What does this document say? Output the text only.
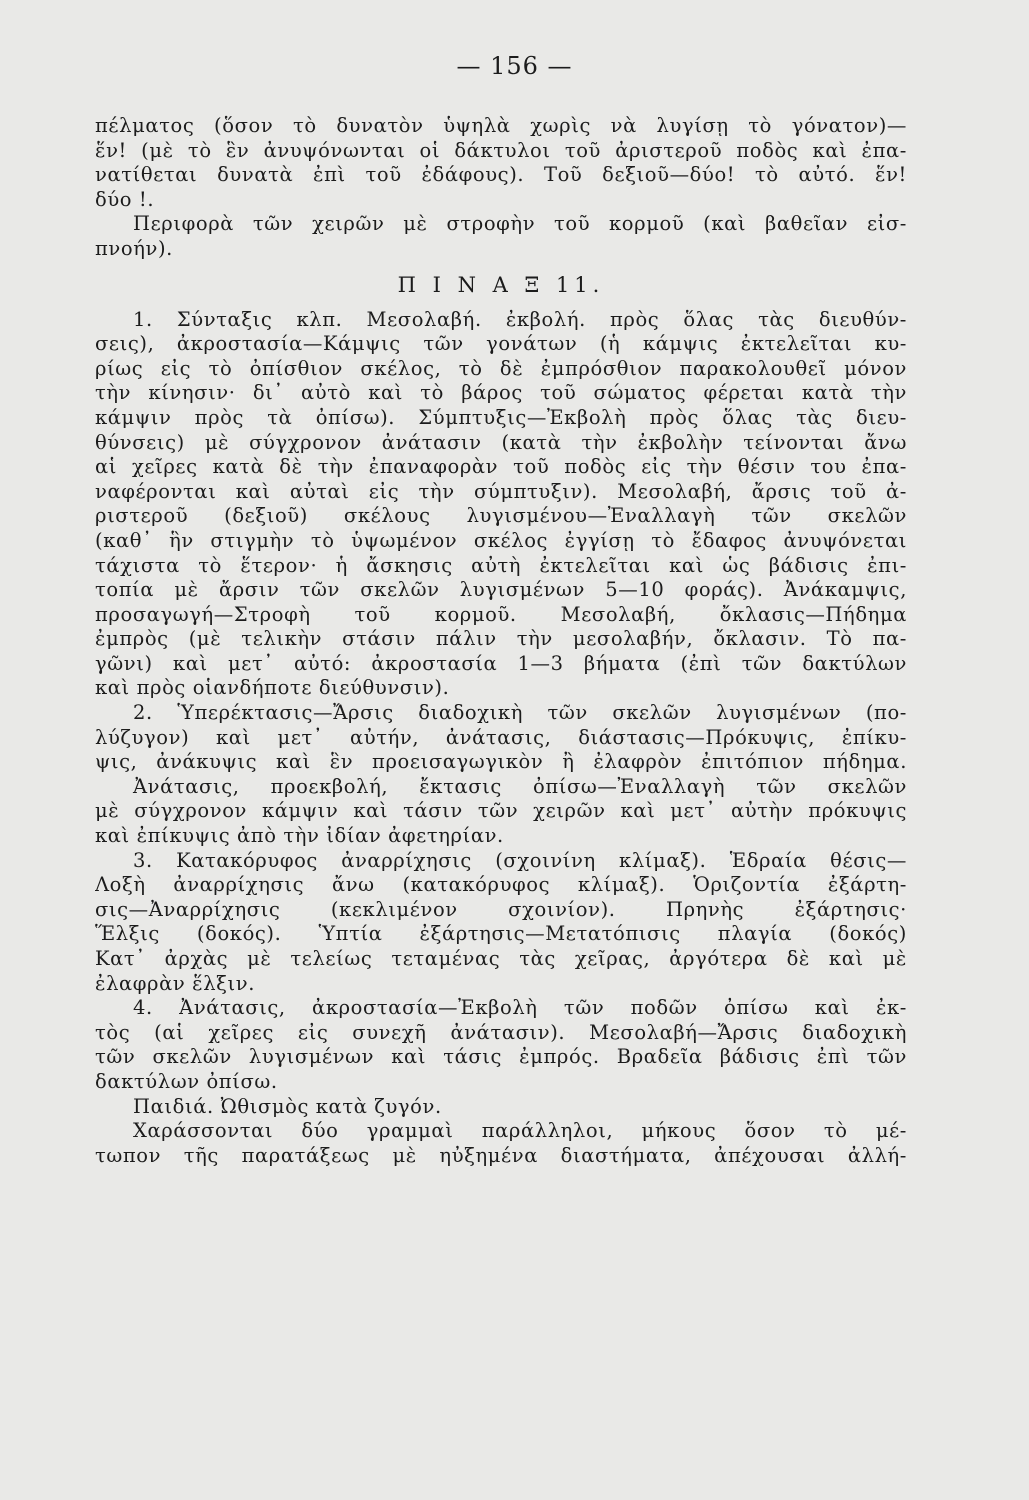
— 156 —
πέλματος (ὅσον τὸ δυνατὸν ὑψηλὰ χωρὶς νὰ λυγίσῃ τὸ γόνατον)—
ἕν! (μὲ τὸ ἓν ἀνυψόνωνται οἱ δάκτυλοι τοῦ ἀριστεροῦ ποδὸς καὶ ἐπα-
νατίθεται δυνατὰ ἐπὶ τοῦ ἐδάφους). Τοῦ δεξιοῦ—δύο! τὸ αὐτό. ἕν!
δύο !.
Περιφορὰ τῶν χειρῶν μὲ στροφὴν τοῦ κορμοῦ (καὶ βαθεῖαν εἰσ-
πνοήν).
Π Ι Ν Α Ξ 11.
1. Σύνταξις κλπ. Μεσολαβή. ἐκβολή. πρὸς ὅλας τὰς διευθύν-
σεις), ἀκροστασία—Κάμψις τῶν γονάτων (ἡ κάμψις ἐκτελεῖται κυ-
ρίως εἰς τὸ ὀπίσθιον σκέλος, τὸ δὲ ἐμπρόσθιον παρακολουθεῖ μόνον
τὴν κίνησιν· δι᾽ αὐτὸ καὶ τὸ βάρος τοῦ σώματος φέρεται κατὰ τὴν
κάμψιν πρὸς τὰ ὀπίσω). Σύμπτυξις—Ἐκβολὴ πρὸς ὅλας τὰς διευ-
θύνσεις) μὲ σύγχρονον ἀνάτασιν (κατὰ τὴν ἐκβολὴν τείνονται ἄνω
αἱ χεῖρες κατὰ δὲ τὴν ἐπαναφορὰν τοῦ ποδὸς εἰς τὴν θέσιν του ἐπα-
ναφέρονται καὶ αὐταὶ εἰς τὴν σύμπτυξιν). Μεσολαβή, ἄρσις τοῦ ἀ-
ριστεροῦ (δεξιοῦ) σκέλους λυγισμένου—Ἐναλλαγὴ τῶν σκελῶν
(καθ᾽ ἣν στιγμὴν τὸ ὑψωμένον σκέλος ἐγγίσῃ τὸ ἔδαφος ἀνυψόνεται
τάχιστα τὸ ἕτερον· ἡ ἄσκησις αὐτὴ ἐκτελεῖται καὶ ὡς βάδισις ἐπι-
τοπία μὲ ἄρσιν τῶν σκελῶν λυγισμένων 5—10 φοράς). Ἀνάκαμψις,
προσαγωγή—Στροφὴ τοῦ κορμοῦ. Μεσολαβή, ὄκλασις—Πήδημα
ἐμπρὸς (μὲ τελικὴν στάσιν πάλιν τὴν μεσολαβήν, ὄκλασιν. Τὸ πα-
γῶνι) καὶ μετ᾽ αὐτό: ἀκροστασία 1—3 βήματα (ἐπὶ τῶν δακτύλων
καὶ πρὸς οἱανδήποτε διεύθυνσιν).
2. Ὑπερέκτασις—Ἄρσις διαδοχικὴ τῶν σκελῶν λυγισμένων (πο-
λύζυγον) καὶ μετ᾽ αὐτήν, ἀνάτασις, διάστασις—Πρόκυψις, ἐπίκυ-
ψις, ἀνάκυψις καὶ ἓν προεισαγωγικὸν ἢ ἐλαφρὸν ἐπιτόπιον πήδημα.
Ἀνάτασις, προεκβολή, ἔκτασις ὀπίσω—Ἐναλλαγὴ τῶν σκελῶν
μὲ σύγχρονον κάμψιν καὶ τάσιν τῶν χειρῶν καὶ μετ᾽ αὐτὴν πρόκυψις
καὶ ἐπίκυψις ἀπὸ τὴν ἰδίαν ἀφετηρίαν.
3. Κατακόρυφος ἀναρρίχησις (σχοινίνη κλίμαξ). Ἑδραία θέσις—
Λοξὴ ἀναρρίχησις ἄνω (κατακόρυφος κλίμαξ). Ὁριζοντία ἐξάρτη-
σις—Ἀναρρίχησις (κεκλιμένον σχοινίον). Πρηνὴς ἐξάρτησις·
Ἕλξις (δοκός). Ὑπτία ἐξάρτησις—Μετατόπισις πλαγία (δοκός)
Κατ᾽ ἀρχὰς μὲ τελείως τεταμένας τὰς χεῖρας, ἀργότερα δὲ καὶ μὲ
ἐλαφρὰν ἕλξιν.
4. Ἀνάτασις, ἀκροστασία—Ἐκβολὴ τῶν ποδῶν ὀπίσω καὶ ἐκ-
τὸς (αἱ χεῖρες εἰς συνεχῆ ἀνάτασιν). Μεσολαβή—Ἄρσις διαδοχικὴ
τῶν σκελῶν λυγισμένων καὶ τάσις ἐμπρός. Βραδεῖα βάδισις ἐπὶ τῶν
δακτύλων ὀπίσω.
Παιδιά. Ὠθισμὸς κατὰ ζυγόν.
Χαράσσονται δύο γραμμαὶ παράλληλοι, μήκους ὅσον τὸ μέ-
τωπον τῆς παρατάξεως μὲ ηὐξημένα διαστήματα, ἀπέχουσαι ἀλλή-
